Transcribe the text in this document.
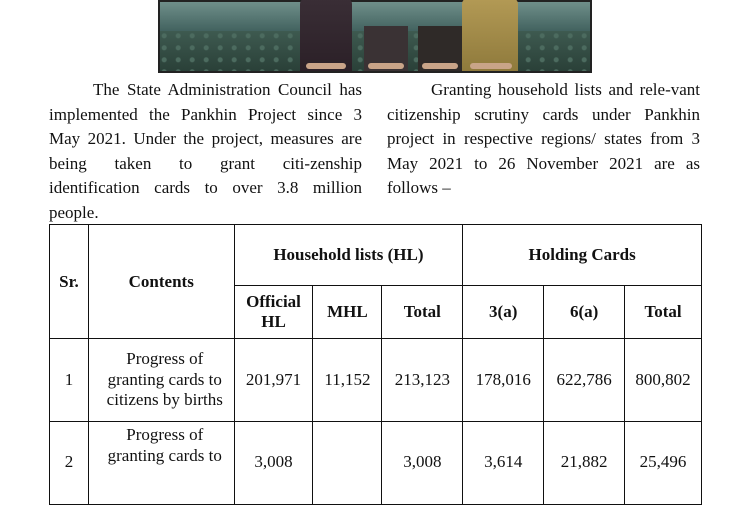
The State Administration Council has implemented the Pankhin Project since 3 May 2021. Under the project, measures are being taken to grant citi-zenship identification cards to over 3.8 million people.

Granting household lists and rele-vant citizenship scrutiny cards under Pankhin project in respective regions/ states from 3 May 2021 to 26 November 2021 are as follows –

Sr.	Contents	Household lists (HL)			Holding Cards		
		Official
HL	MHL	Total	3(a)	6(a)	Total
1	Progress of
granting cards to
citizens by births	201,971	11,152	213,123	178,016	622,786	800,802
2	Progress of
granting cards to	3,008		3,008	3,614	21,882	25,496
